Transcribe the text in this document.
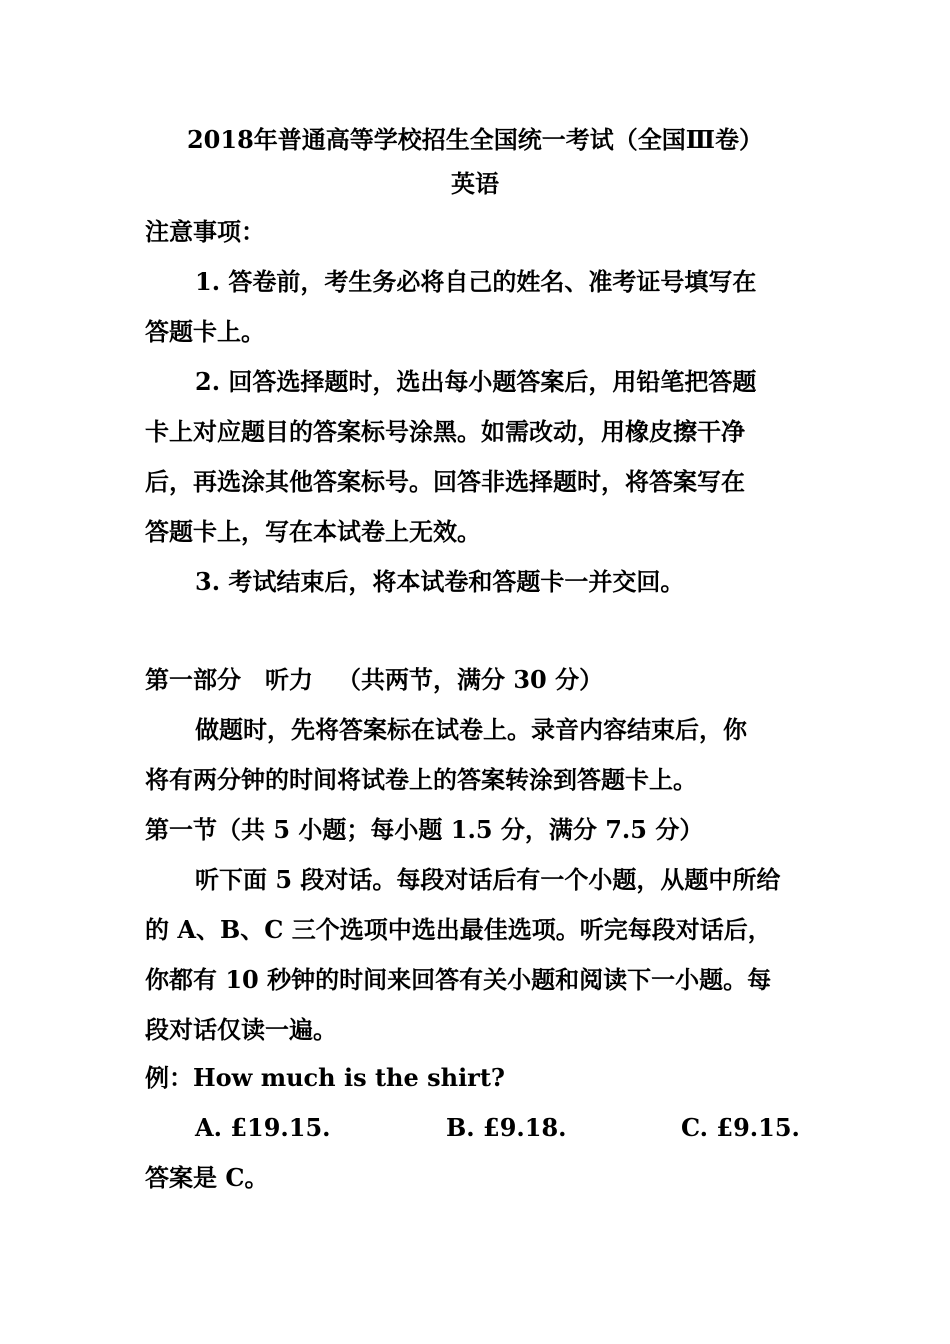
2018年普通高等学校招生全国统一考试（全国Ⅲ卷）
英语
注意事项：
1. 答卷前，考生务必将自己的姓名、准考证号填写在
答题卡上。
2. 回答选择题时，选出每小题答案后，用铅笔把答题
卡上对应题目的答案标号涂黑。如需改动，用橡皮擦干净
后，再选涂其他答案标号。回答非选择题时，将答案写在
答题卡上，写在本试卷上无效。
3. 考试结束后，将本试卷和答题卡一并交回。
第一部分 听力 （共两节，满分 30 分）
做题时，先将答案标在试卷上。录音内容结束后，你
将有两分钟的时间将试卷上的答案转涂到答题卡上。
第一节（共 5 小题；每小题 1.5 分，满分 7.5 分）
听下面 5 段对话。每段对话后有一个小题，从题中所给
的 A、B、C 三个选项中选出最佳选项。听完每段对话后，
你都有 10 秒钟的时间来回答有关小题和阅读下一小题。每
段对话仅读一遍。
例：How much is the shirt?
A. £19.15.	B. £9.18.	C. £9.15.
答案是 C。
